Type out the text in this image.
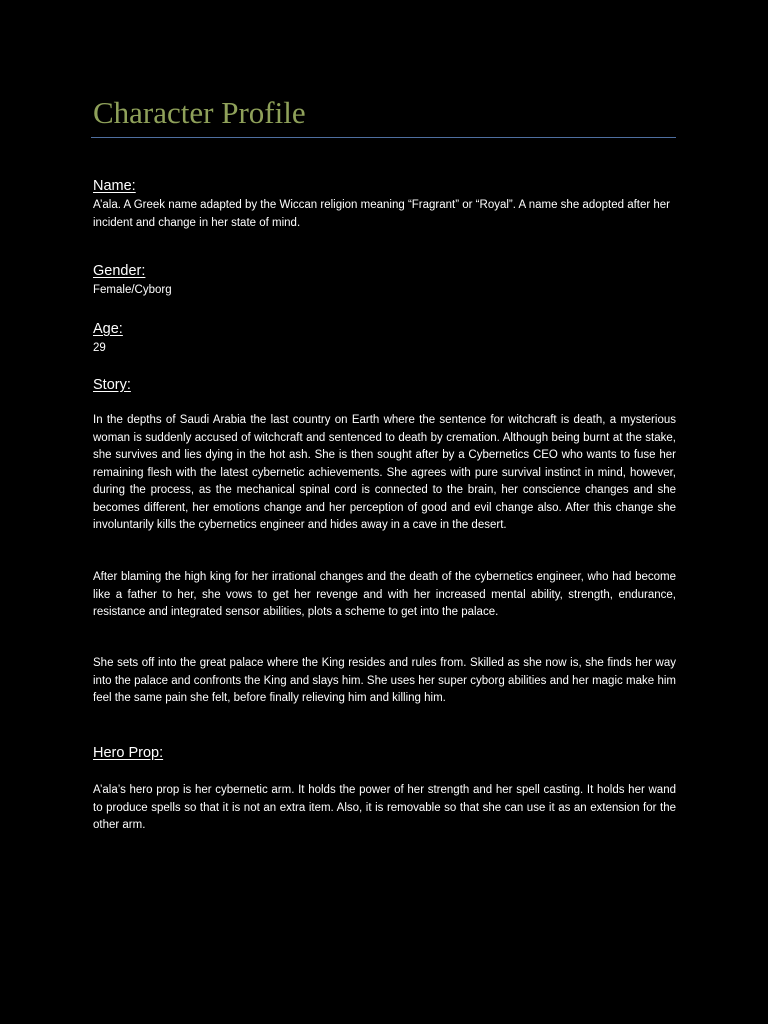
Character Profile
Name:

A’ala. A Greek name adapted by the Wiccan religion meaning “Fragrant” or “Royal”. A name she adopted after her incident and change in her state of mind.

Gender:

Female/Cyborg

Age:

29

Story:

In the depths of Saudi Arabia the last country on Earth where the sentence for witchcraft is death, a mysterious woman is suddenly accused of witchcraft and sentenced to death by cremation. Although being burnt at the stake, she survives and lies dying in the hot ash. She is then sought after by a Cybernetics CEO who wants to fuse her remaining flesh with the latest cybernetic achievements. She agrees with pure survival instinct in mind, however, during the process, as the mechanical spinal cord is connected to the brain, her conscience changes and she becomes different, her emotions change and her perception of good and evil change also. After this change she involuntarily kills the cybernetics engineer and hides away in a cave in the desert.

After blaming the high king for her irrational changes and the death of the cybernetics engineer, who had become like a father to her, she vows to get her revenge and with her increased mental ability, strength, endurance, resistance and integrated sensor abilities, plots a scheme to get into the palace.

She sets off into the great palace where the King resides and rules from. Skilled as she now is, she finds her way into the palace and confronts the King and slays him. She uses her super cyborg abilities and her magic make him feel the same pain she felt, before finally relieving him and killing him.

Hero Prop:

A’ala’s hero prop is her cybernetic arm. It holds the power of her strength and her spell casting. It holds her wand to produce spells so that it is not an extra item. Also, it is removable so that she can use it as an extension for the other arm.
